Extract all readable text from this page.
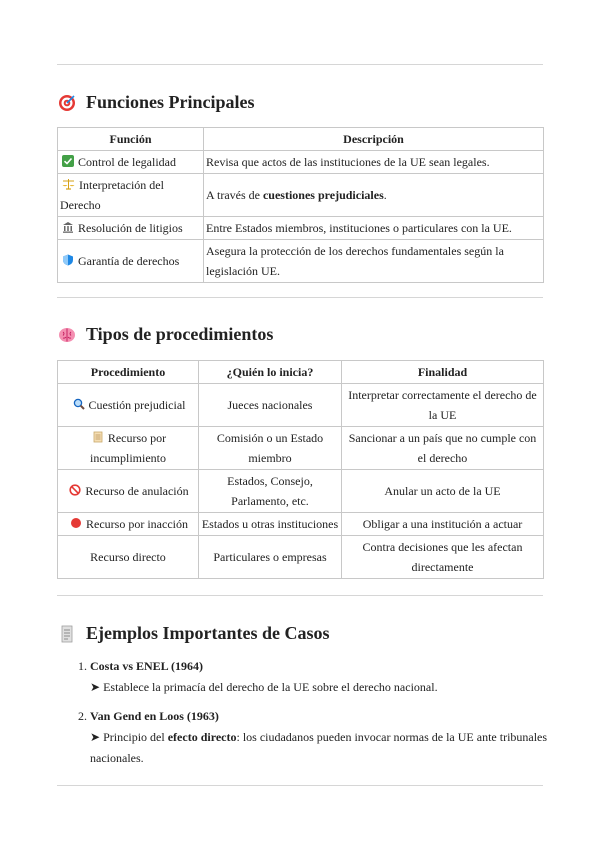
Funciones Principales
Función	Descripción

Control de legalidad	Revisa que actos de las instituciones de la UE sean legales.
Interpretación del Derecho	A través de cuestiones prejudiciales.
Resolución de litigios	Entre Estados miembros, instituciones o particulares con la UE.
Garantía de derechos	Asegura la protección de los derechos fundamentales según la legislación UE.
Tipos de procedimientos
Procedimiento	¿Quién lo inicia?	Finalidad
Cuestión prejudicial	Jueces nacionales	Interpretar correctamente el derecho de la UE
Recurso por incumplimiento	Comisión o un Estado miembro	Sancionar a un país que no cumple con el derecho
Recurso de anulación	Estados, Consejo, Parlamento, etc.	Anular un acto de la UE
Recurso por inacción	Estados u otras instituciones	Obligar a una institución a actuar
Recurso directo	Particulares o empresas	Contra decisiones que les afectan directamente
Ejemplos Importantes de Casos
1. Costa vs ENEL (1964)
➤ Establece la primacía del derecho de la UE sobre el derecho nacional.
2. Van Gend en Loos (1963)
➤ Principio del efecto directo: los ciudadanos pueden invocar normas de la UE ante tribunales nacionales.
